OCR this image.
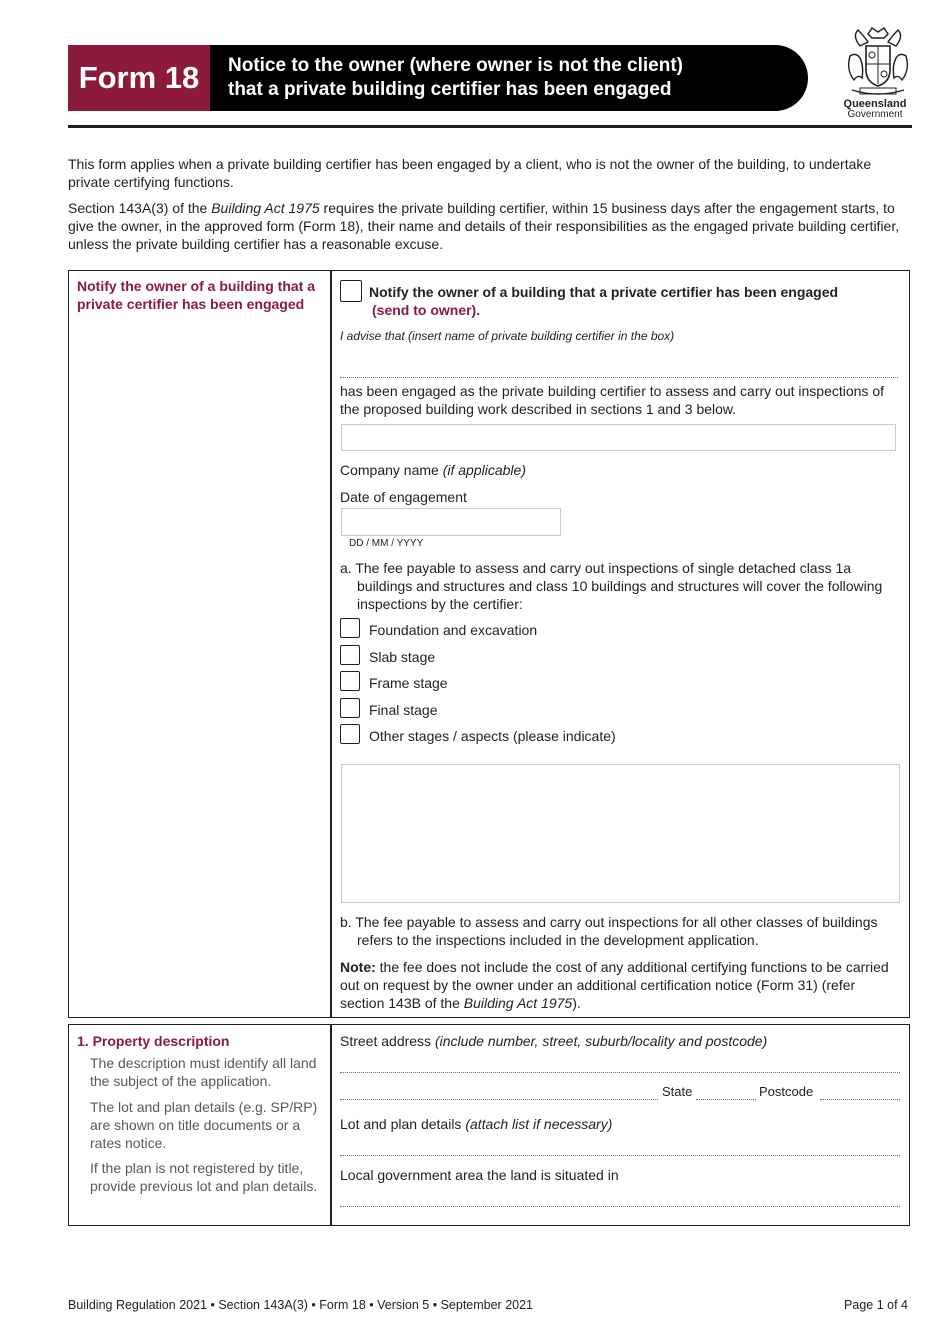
Form 18	Notice to the owner (where owner is not the client)
that a private building certifier has been engaged
Queensland
Government
This form applies when a private building certifier has been engaged by a client, who is not the owner of the building, to undertake private certifying functions.
Section 143A(3) of the Building Act 1975 requires the private building certifier, within 15 business days after the engagement starts, to give the owner, in the approved form (Form 18), their name and details of their responsibilities as the engaged private building certifier, unless the private building certifier has a reasonable excuse.
Notify the owner of a building that a private certifier has been engaged
Notify the owner of a building that a private certifier has been engaged
(send to owner).
I advise that (insert name of private building certifier in the box)
has been engaged as the private building certifier to assess and carry out inspections of the proposed building work described in sections 1 and 3 below.
Company name (if applicable)
Date of engagement
DD / MM / YYYY
a. The fee payable to assess and carry out inspections of single detached class 1a buildings and structures and class 10 buildings and structures will cover the following inspections by the certifier:
Foundation and excavation
Slab stage
Frame stage
Final stage
Other stages / aspects (please indicate)
b. The fee payable to assess and carry out inspections for all other classes of buildings refers to the inspections included in the development application.
Note: the fee does not include the cost of any additional certifying functions to be carried out on request by the owner under an additional certification notice (Form 31) (refer section 143B of the Building Act 1975).
1. Property description
The description must identify all land the subject of the application.
The lot and plan details (e.g. SP/RP) are shown on title documents or a rates notice.
If the plan is not registered by title, provide previous lot and plan details.
Street address (include number, street, suburb/locality and postcode)
State	Postcode
Lot and plan details (attach list if necessary)
Local government area the land is situated in
Building Regulation 2021 • Section 143A(3) • Form 18 • Version 5 • September 2021	Page 1 of 4
